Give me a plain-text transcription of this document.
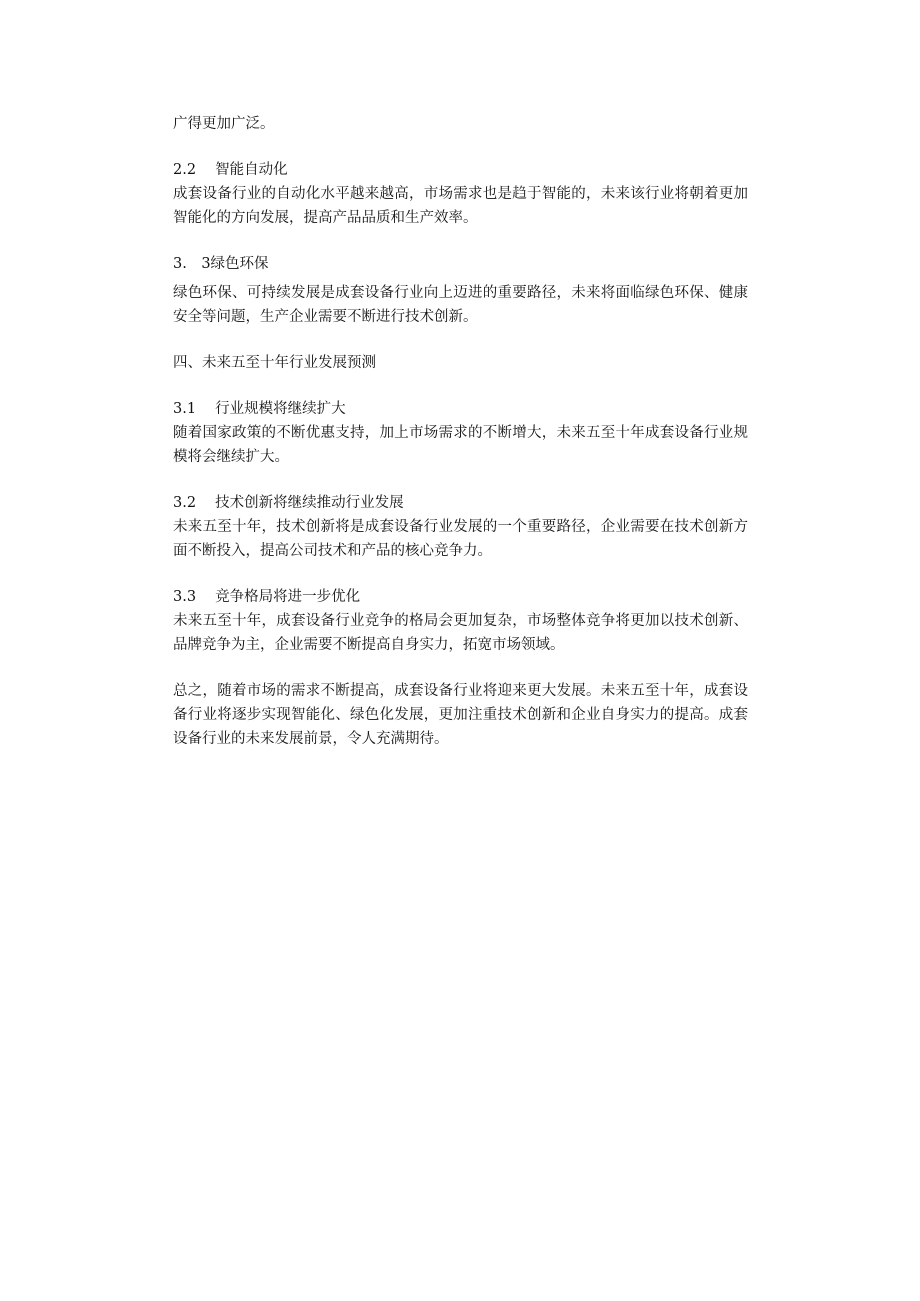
广得更加广泛。

2.2　 智能自动化

成套设备行业的自动化水平越来越高，市场需求也是趋于智能的，未来该行业将朝着更加智能化的方向发展，提高产品品质和生产效率。

3.　3绿色环保

绿色环保、可持续发展是成套设备行业向上迈进的重要路径，未来将面临绿色环保、健康安全等问题，生产企业需要不断进行技术创新。

四、未来五至十年行业发展预测

3.1　 行业规模将继续扩大

随着国家政策的不断优惠支持，加上市场需求的不断增大，未来五至十年成套设备行业规模将会继续扩大。

3.2　 技术创新将继续推动行业发展

未来五至十年，技术创新将是成套设备行业发展的一个重要路径，企业需要在技术创新方面不断投入，提高公司技术和产品的核心竞争力。

3.3　 竞争格局将进一步优化

未来五至十年，成套设备行业竞争的格局会更加复杂，市场整体竞争将更加以技术创新、品牌竞争为主，企业需要不断提高自身实力，拓宽市场领域。

总之，随着市场的需求不断提高，成套设备行业将迎来更大发展。未来五至十年，成套设备行业将逐步实现智能化、绿色化发展，更加注重技术创新和企业自身实力的提高。成套设备行业的未来发展前景，令人充满期待。
